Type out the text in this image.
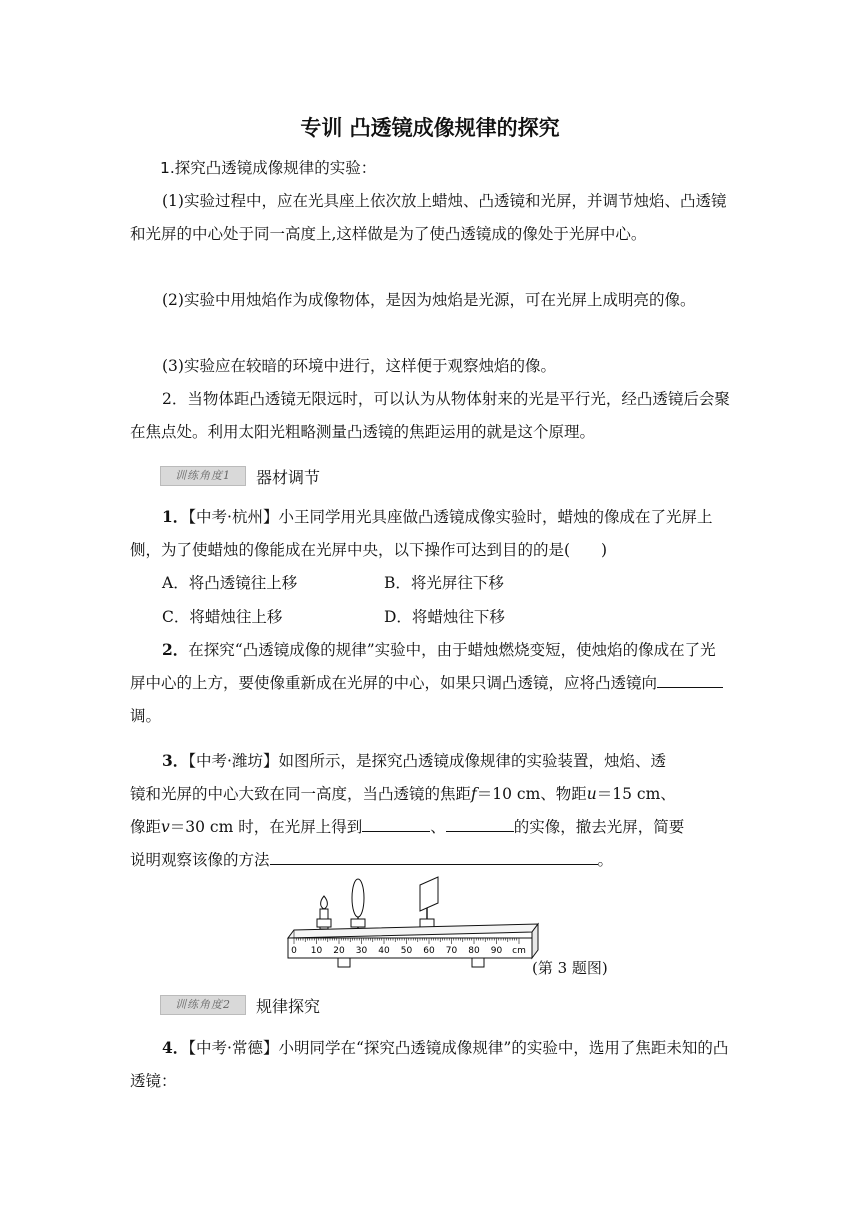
专训 凸透镜成像规律的探究
1.探究凸透镜成像规律的实验：
(1)实验过程中，应在光具座上依次放上蜡烛、凸透镜和光屏，并调节烛焰、凸透镜和光屏的中心处于同一高度上,这样做是为了使凸透镜成的像处于光屏中心。
(2)实验中用烛焰作为成像物体，是因为烛焰是光源，可在光屏上成明亮的像。
(3)实验应在较暗的环境中进行，这样便于观察烛焰的像。
2．当物体距凸透镜无限远时，可以认为从物体射来的光是平行光，经凸透镜后会聚在焦点处。利用太阳光粗略测量凸透镜的焦距运用的就是这个原理。
训练角度1	器材调节
1．【中考·杭州】小王同学用光具座做凸透镜成像实验时，蜡烛的像成在了光屏上侧，为了使蜡烛的像能成在光屏中央，以下操作可达到目的的是(　　)
A．将凸透镜往上移	B．将光屏往下移
C．将蜡烛往上移	D．将蜡烛往下移
2．在探究“凸透镜成像的规律”实验中，由于蜡烛燃烧变短，使烛焰的像成在了光屏中心的上方，要使像重新成在光屏的中心，如果只调凸透镜，应将凸透镜向调。
3．【中考·潍坊】如图所示，是探究凸透镜成像规律的实验装置，烛焰、透
镜和光屏的中心大致在同一高度，当凸透镜的焦距f＝10 cm、物距u＝15 cm、
像距v＝30 cm 时，在光屏上得到	、	的实像，撤去光屏，简要
说明观察该像的方法	。
0 10 20 30 40 50 60 70 80 90 cm
(第 3 题图)
训练角度2	规律探究
4．【中考·常德】小明同学在“探究凸透镜成像规律”的实验中，选用了焦距未知的凸透镜：
